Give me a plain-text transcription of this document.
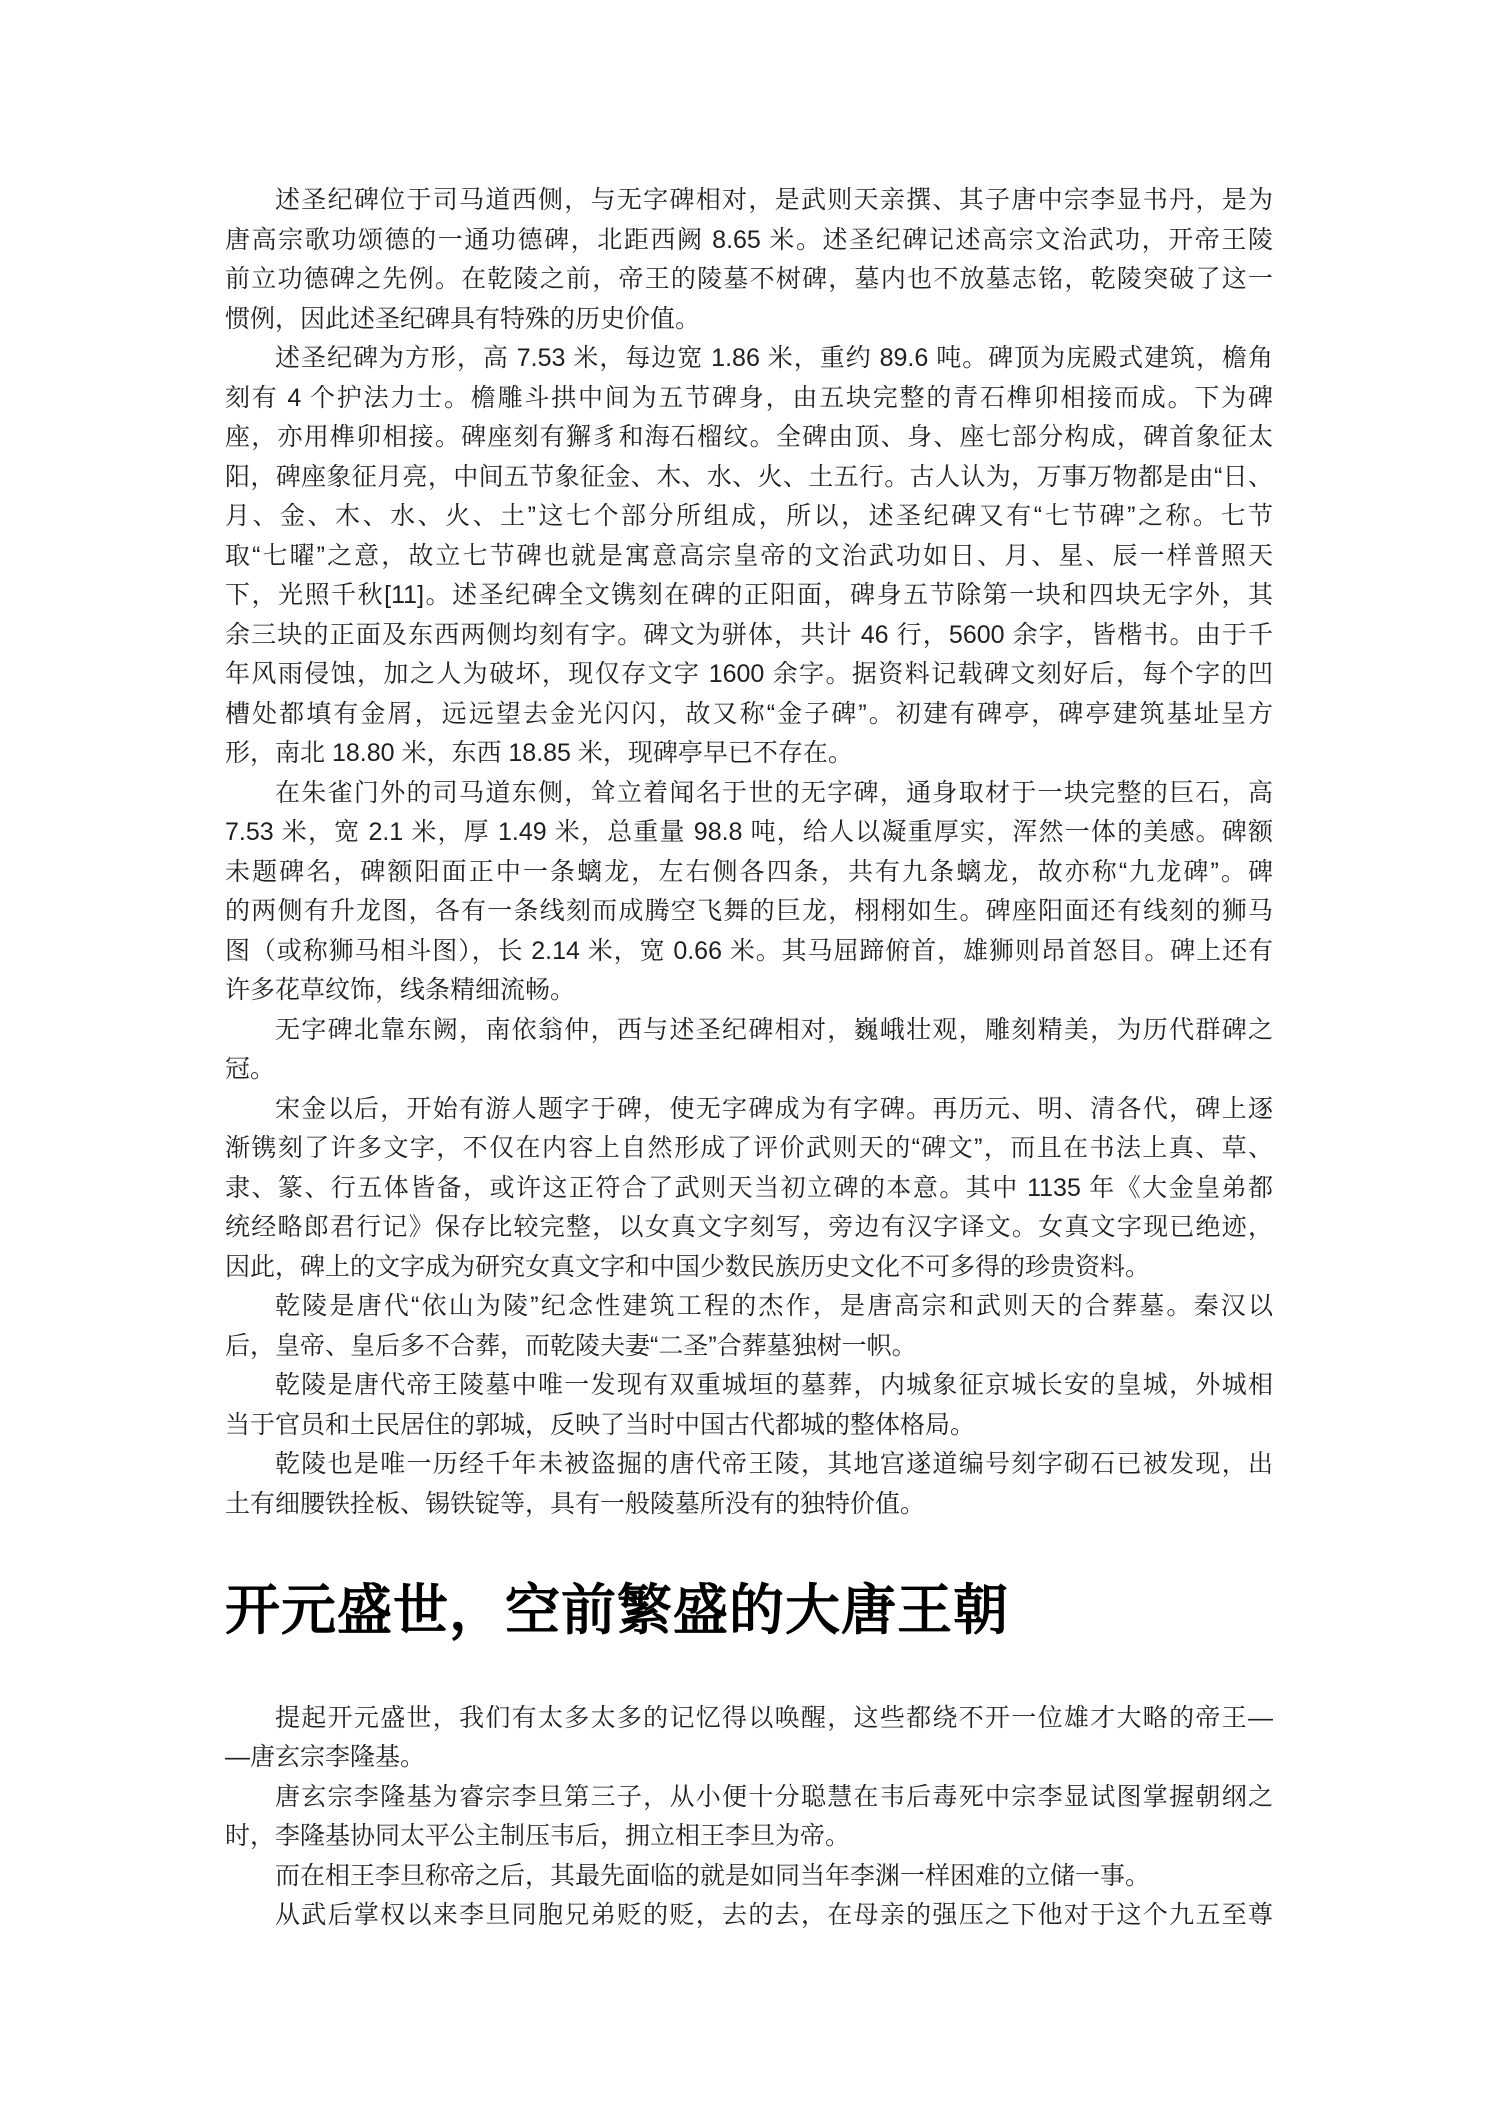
述圣纪碑位于司马道西侧，与无字碑相对，是武则天亲撰、其子唐中宗李显书丹，是为
唐高宗歌功颂德的一通功德碑，北距西阙 8.65 米。述圣纪碑记述高宗文治武功，开帝王陵
前立功德碑之先例。在乾陵之前，帝王的陵墓不树碑，墓内也不放墓志铭，乾陵突破了这一
惯例，因此述圣纪碑具有特殊的历史价值。
述圣纪碑为方形，高 7.53 米，每边宽 1.86 米，重约 89.6 吨。碑顶为庑殿式建筑，檐角
刻有 4 个护法力士。檐雕斗拱中间为五节碑身，由五块完整的青石榫卯相接而成。下为碑
座，亦用榫卯相接。碑座刻有獬豸和海石榴纹。全碑由顶、身、座七部分构成，碑首象征太
阳，碑座象征月亮，中间五节象征金、木、水、火、土五行。古人认为，万事万物都是由“日、
月、金、木、水、火、土”这七个部分所组成，所以，述圣纪碑又有“七节碑”之称。七节
取“七曜”之意，故立七节碑也就是寓意高宗皇帝的文治武功如日、月、星、辰一样普照天
下，光照千秋[11]。述圣纪碑全文镌刻在碑的正阳面，碑身五节除第一块和四块无字外，其
余三块的正面及东西两侧均刻有字。碑文为骈体，共计 46 行，5600 余字，皆楷书。由于千
年风雨侵蚀，加之人为破坏，现仅存文字 1600 余字。据资料记载碑文刻好后，每个字的凹
槽处都填有金屑，远远望去金光闪闪，故又称“金子碑”。初建有碑亭，碑亭建筑基址呈方
形，南北 18.80 米，东西 18.85 米，现碑亭早已不存在。
在朱雀门外的司马道东侧，耸立着闻名于世的无字碑，通身取材于一块完整的巨石，高
7.53 米，宽 2.1 米，厚 1.49 米，总重量 98.8 吨，给人以凝重厚实，浑然一体的美感。碑额
未题碑名，碑额阳面正中一条螭龙，左右侧各四条，共有九条螭龙，故亦称“九龙碑”。碑
的两侧有升龙图，各有一条线刻而成腾空飞舞的巨龙，栩栩如生。碑座阳面还有线刻的狮马
图（或称狮马相斗图），长 2.14 米，宽 0.66 米。其马屈蹄俯首，雄狮则昂首怒目。碑上还有
许多花草纹饰，线条精细流畅。
无字碑北靠东阙，南依翁仲，西与述圣纪碑相对，巍峨壮观，雕刻精美，为历代群碑之
冠。
宋金以后，开始有游人题字于碑，使无字碑成为有字碑。再历元、明、清各代，碑上逐
渐镌刻了许多文字，不仅在内容上自然形成了评价武则天的“碑文”，而且在书法上真、草、
隶、篆、行五体皆备，或许这正符合了武则天当初立碑的本意。其中 1135 年《大金皇弟都
统经略郎君行记》保存比较完整，以女真文字刻写，旁边有汉字译文。女真文字现已绝迹，
因此，碑上的文字成为研究女真文字和中国少数民族历史文化不可多得的珍贵资料。
乾陵是唐代“依山为陵”纪念性建筑工程的杰作，是唐高宗和武则天的合葬墓。秦汉以
后，皇帝、皇后多不合葬，而乾陵夫妻“二圣”合葬墓独树一帜。
乾陵是唐代帝王陵墓中唯一发现有双重城垣的墓葬，内城象征京城长安的皇城，外城相
当于官员和土民居住的郭城，反映了当时中国古代都城的整体格局。
乾陵也是唯一历经千年未被盗掘的唐代帝王陵，其地宫遂道编号刻字砌石已被发现，出
土有细腰铁拴板、锡铁锭等，具有一般陵墓所没有的独特价值。
开元盛世，空前繁盛的大唐王朝
提起开元盛世，我们有太多太多的记忆得以唤醒，这些都绕不开一位雄才大略的帝王—
—唐玄宗李隆基。
唐玄宗李隆基为睿宗李旦第三子，从小便十分聪慧在韦后毒死中宗李显试图掌握朝纲之
时，李隆基协同太平公主制压韦后，拥立相王李旦为帝。
而在相王李旦称帝之后，其最先面临的就是如同当年李渊一样困难的立储一事。
从武后掌权以来李旦同胞兄弟贬的贬，去的去，在母亲的强压之下他对于这个九五至尊
